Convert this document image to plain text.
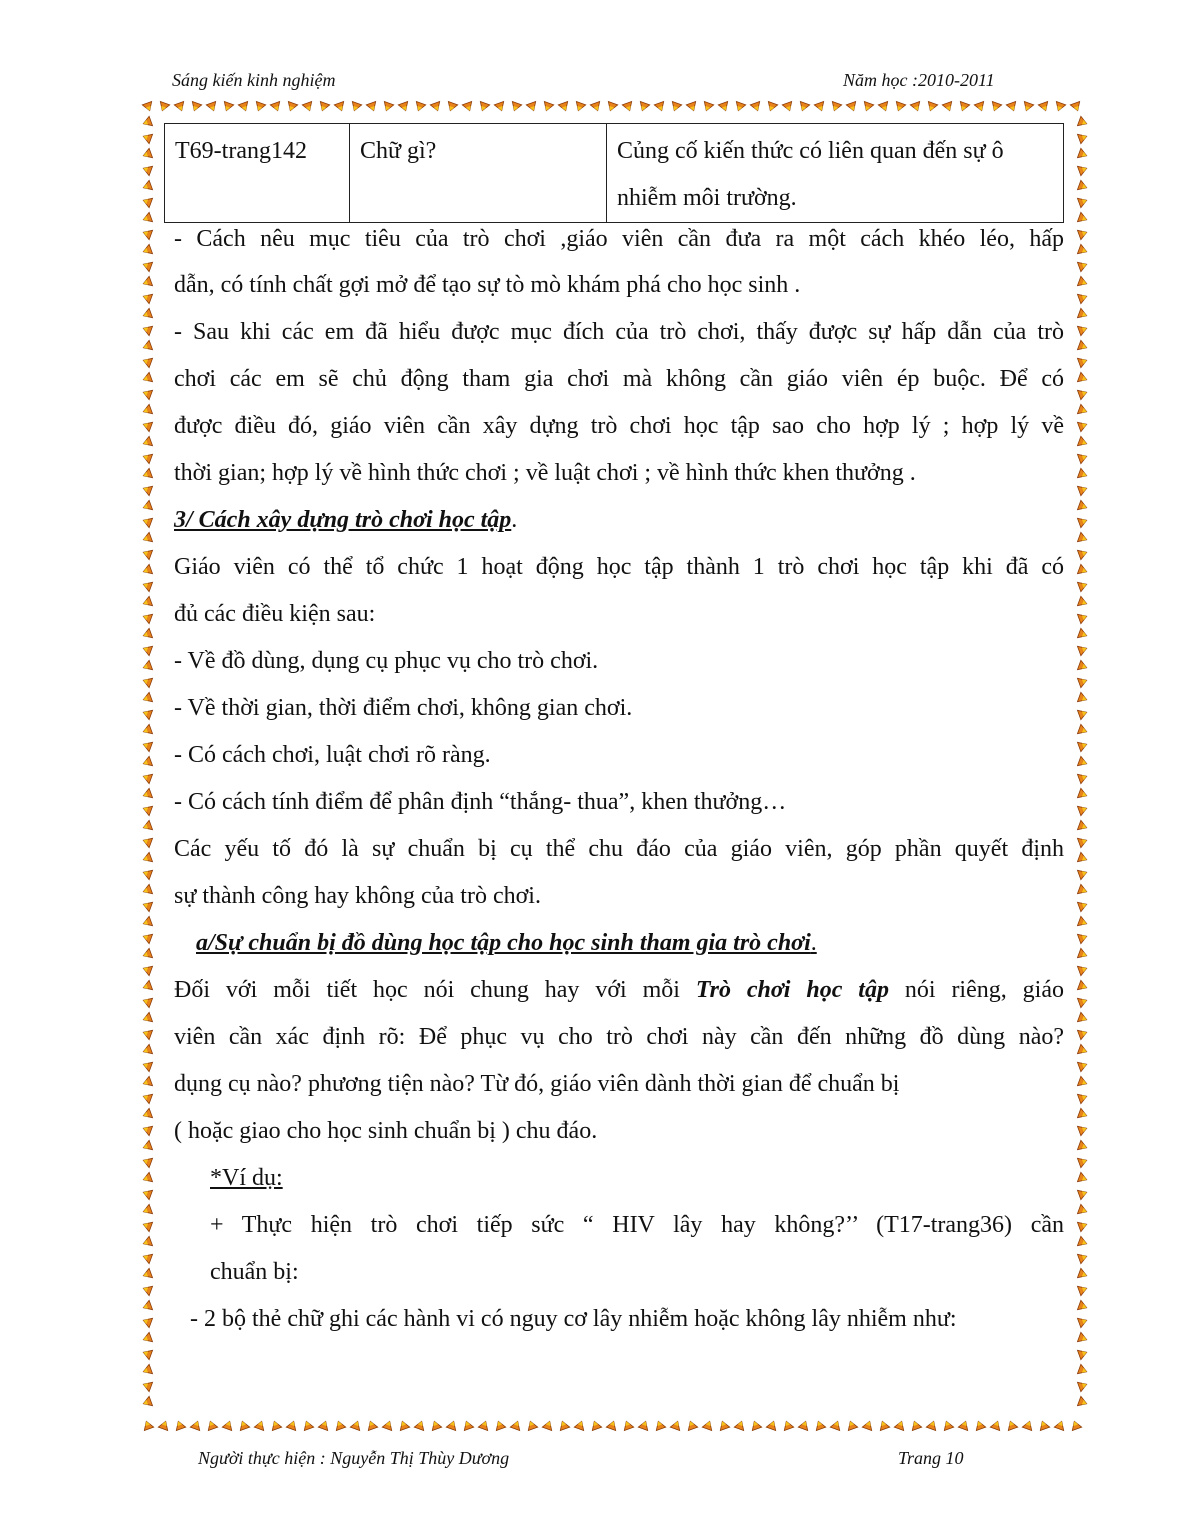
Sáng kiến kinh nghiệm	Năm học :2010-2011
T69-trang142	Chữ gì?	Củng cố kiến thức có liên quan đến sự ô nhiễm môi trường.
- Cách nêu mục tiêu của trò chơi ,giáo viên cần đưa ra một cách khéo léo, hấp
dẫn, có tính chất gợi mở để tạo sự tò mò khám phá cho học sinh .
- Sau khi các em đã hiểu được mục đích của trò chơi, thấy được sự hấp dẫn của trò
chơi các em sẽ chủ động tham gia chơi mà không cần giáo viên ép buộc. Để có
được điều đó, giáo viên cần xây dựng trò chơi học tập sao cho hợp lý ; hợp lý về
thời gian; hợp lý về hình thức chơi ; về luật chơi ; về hình thức khen thưởng .
3/ Cách xây dựng trò chơi học tập.
Giáo viên có thể tổ chức 1 hoạt động học tập thành 1 trò chơi học tập khi đã có
đủ các điều kiện sau:
- Về đồ dùng, dụng cụ phục vụ cho trò chơi.
- Về thời gian, thời điểm chơi, không gian chơi.
- Có cách chơi, luật chơi rõ ràng.
- Có cách tính điểm để phân định “thắng- thua”, khen thưởng…
Các yếu tố đó là sự chuẩn bị cụ thể chu đáo của giáo viên, góp phần quyết định
sự thành công hay không của trò chơi.
a/Sự chuẩn bị đồ dùng học tập cho học sinh tham gia trò chơi.
Đối với mỗi tiết học nói chung hay với mỗi Trò chơi học tập nói riêng, giáo
viên cần xác định rõ: Để phục vụ cho trò chơi này cần đến những đồ dùng nào?
dụng cụ nào? phương tiện nào? Từ đó, giáo viên dành thời gian để chuẩn bị
( hoặc giao cho học sinh chuẩn bị ) chu đáo.
*Ví dụ:
+ Thực hiện trò chơi tiếp sức “ HIV lây hay không?’’ (T17-trang36) cần
chuẩn bị:
- 2 bộ thẻ chữ ghi các hành vi có nguy cơ lây nhiễm hoặc không lây nhiễm như:
Người thực hiện : Nguyễn Thị Thùy Dương	Trang 10
